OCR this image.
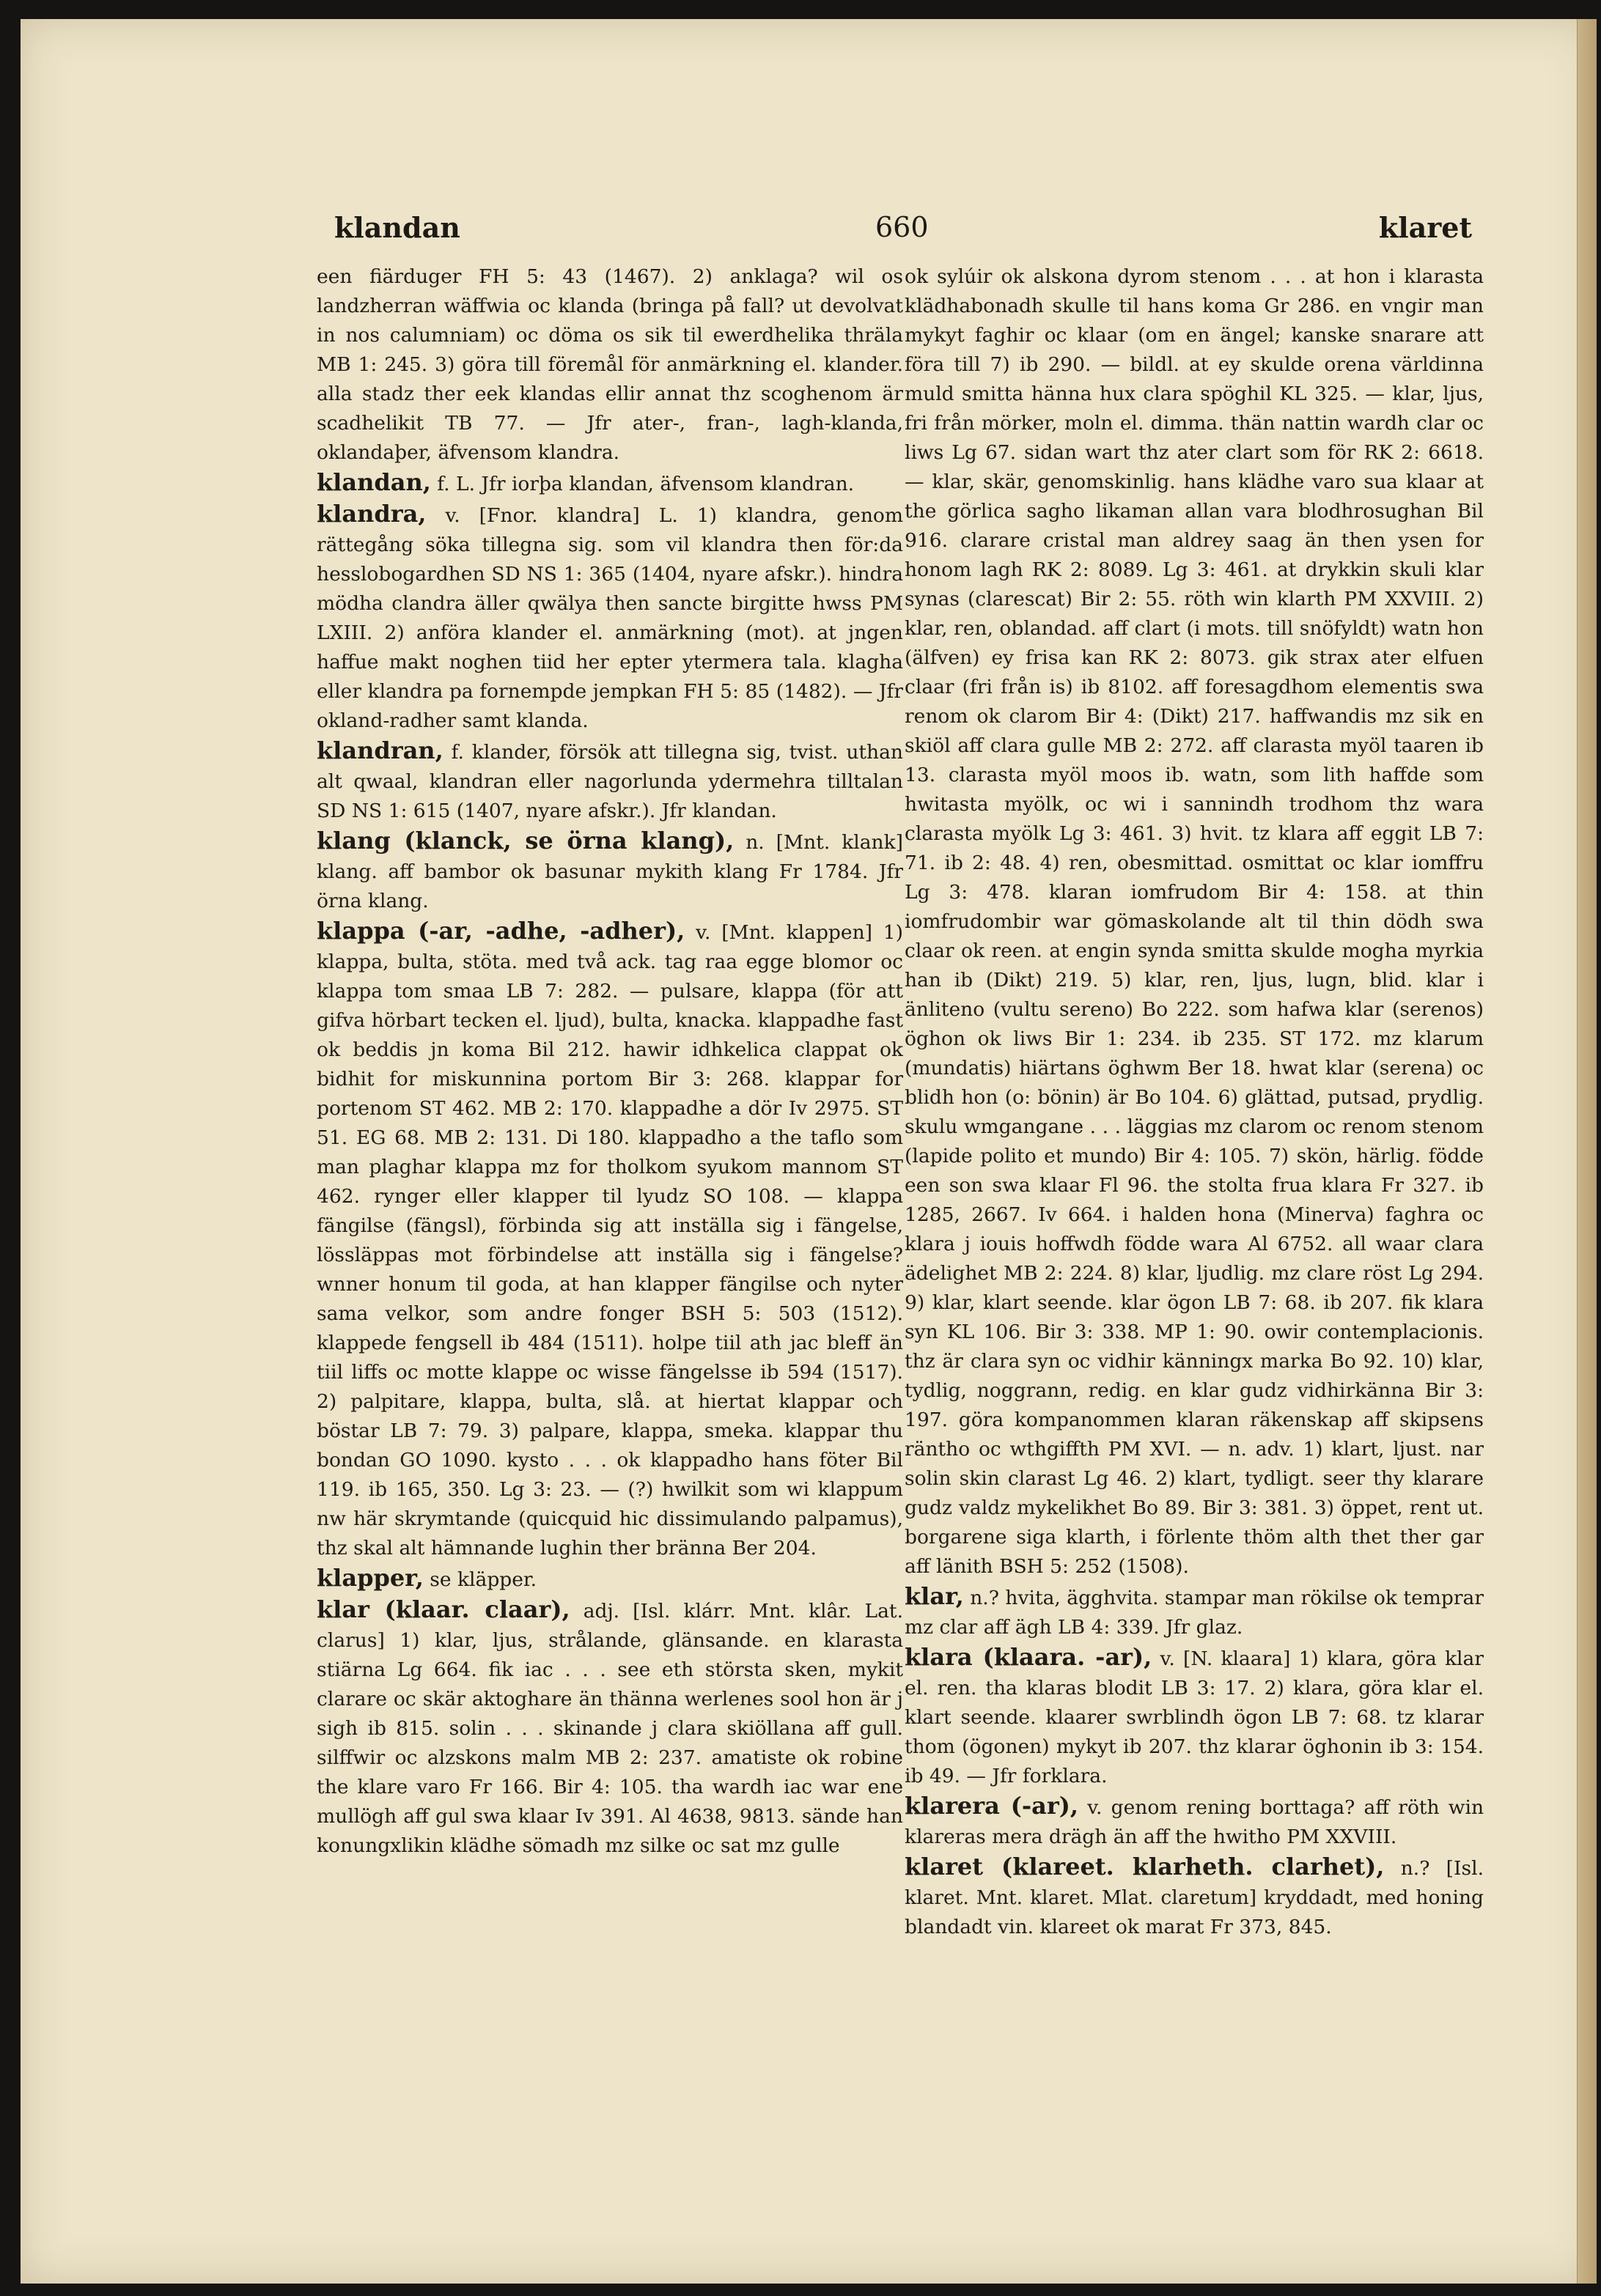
klandan	660	klaret

een fiärduger FH 5: 43 (1467). 2) anklaga? wil os landzherran wäffwia oc klanda (bringa på fall? ut devolvat in nos calumniam) oc döma os sik til ewerdhelika thräla MB 1: 245. 3) göra till föremål för anmärkning el. klander. alla stadz ther eek klandas ellir annat thz scoghenom är scadhelikit TB 77. — Jfr ater-, fran-, lagh-klanda, oklandaþer, äfvensom klandra.

klandan, f. L. Jfr iorþa klandan, äfvensom klandran.

klandra, v. [Fnor. klandra] L. 1) klandra, genom rättegång söka tillegna sig. som vil klandra then för:da hesslobogardhen SD NS 1: 365 (1404, nyare afskr.). hindra mödha clandra äller qwälya then sancte birgitte hwss PM LXIII. 2) anföra klander el. anmärkning (mot). at jngen haffue makt noghen tiid her epter ytermera tala. klagha eller klandra pa fornempde jempkan FH 5: 85 (1482). — Jfr okland-radher samt klanda.

klandran, f. klander, försök att tillegna sig, tvist. uthan alt qwaal, klandran eller nagorlunda ydermehra tilltalan SD NS 1: 615 (1407, nyare afskr.). Jfr klandan.

klang (klanck, se örna klang), n. [Mnt. klank] klang. aff bambor ok basunar mykith klang Fr 1784. Jfr örna klang.

klappa (-ar, -adhe, -adher), v. [Mnt. klappen] 1) klappa, bulta, stöta. med två ack. tag raa egge blomor oc klappa tom smaa LB 7: 282. — pulsare, klappa (för att gifva hörbart tecken el. ljud), bulta, knacka. klappadhe fast ok beddis jn koma Bil 212. hawir idhkelica clappat ok bidhit for miskunnina portom Bir 3: 268. klappar for portenom ST 462. MB 2: 170. klappadhe a dör Iv 2975. ST 51. EG 68. MB 2: 131. Di 180. klappadho a the taflo som man plaghar klappa mz for tholkom syukom mannom ST 462. rynger eller klapper til lyudz SO 108. — klappa fängilse (fängsl), förbinda sig att inställa sig i fängelse, lössläppas mot förbindelse att inställa sig i fängelse? wnner honum til goda, at han klapper fängilse och nyter sama velkor, som andre fonger BSH 5: 503 (1512). klappede fengsell ib 484 (1511). holpe tiil ath jac bleff än tiil liffs oc motte klappe oc wisse fängelsse ib 594 (1517). 2) palpitare, klappa, bulta, slå. at hiertat klappar och böstar LB 7: 79. 3) palpare, klappa, smeka. klappar thu bondan GO 1090. kysto . . . ok klappadho hans föter Bil 119. ib 165, 350. Lg 3: 23. — (?) hwilkit som wi klappum nw här skrymtande (quicquid hic dissimulando palpamus), thz skal alt hämnande lughin ther bränna Ber 204.

klapper, se kläpper.

klar (klaar. claar), adj. [Isl. klárr. Mnt. klâr. Lat. clarus] 1) klar, ljus, strålande, glänsande. en klarasta stiärna Lg 664. fik iac . . . see eth största sken, mykit clarare oc skär aktoghare än thänna werlenes sool hon är j sigh ib 815. solin . . . skinande j clara skiöllana aff gull. silffwir oc alzskons malm MB 2: 237. amatiste ok robine the klare varo Fr 166. Bir 4: 105. tha wardh iac war ene mullögh aff gul swa klaar Iv 391. Al 4638, 9813. sände han konungxlikin klädhe sömadh mz silke oc sat mz gulle

ok sylúir ok alskona dyrom stenom . . . at hon i klarasta klädhabonadh skulle til hans koma Gr 286. en vngir man mykyt faghir oc klaar (om en ängel; kanske snarare att föra till 7) ib 290. — bildl. at ey skulde orena världinna muld smitta hänna hux clara spöghil KL 325. — klar, ljus, fri från mörker, moln el. dimma. thän nattin wardh clar oc liws Lg 67. sidan wart thz ater clart som för RK 2: 6618. — klar, skär, genomskinlig. hans klädhe varo sua klaar at the görlica sagho likaman allan vara blodhrosughan Bil 916. clarare cristal man aldrey saag än then ysen for honom lagh RK 2: 8089. Lg 3: 461. at drykkin skuli klar synas (clarescat) Bir 2: 55. röth win klarth PM XXVIII. 2) klar, ren, oblandad. aff clart (i mots. till snöfyldt) watn hon (älfven) ey frisa kan RK 2: 8073. gik strax ater elfuen claar (fri från is) ib 8102. aff foresagdhom elementis swa renom ok clarom Bir 4: (Dikt) 217. haffwandis mz sik en skiöl aff clara gulle MB 2: 272. aff clarasta myöl taaren ib 13. clarasta myöl moos ib. watn, som lith haffde som hwitasta myölk, oc wi i sannindh trodhom thz wara clarasta myölk Lg 3: 461. 3) hvit. tz klara aff eggit LB 7: 71. ib 2: 48. 4) ren, obesmittad. osmittat oc klar iomffru Lg 3: 478. klaran iomfrudom Bir 4: 158. at thin iomfrudombir war gömaskolande alt til thin dödh swa claar ok reen. at engin synda smitta skulde mogha myrkia han ib (Dikt) 219. 5) klar, ren, ljus, lugn, blid. klar i änliteno (vultu sereno) Bo 222. som hafwa klar (serenos) öghon ok liws Bir 1: 234. ib 235. ST 172. mz klarum (mundatis) hiärtans öghwm Ber 18. hwat klar (serena) oc blidh hon (o: bönin) är Bo 104. 6) glättad, putsad, prydlig. skulu wmgangane . . . läggias mz clarom oc renom stenom (lapide polito et mundo) Bir 4: 105. 7) skön, härlig. födde een son swa klaar Fl 96. the stolta frua klara Fr 327. ib 1285, 2667. Iv 664. i halden hona (Minerva) faghra oc klara j iouis hoffwdh födde wara Al 6752. all waar clara ädelighet MB 2: 224. 8) klar, ljudlig. mz clare röst Lg 294. 9) klar, klart seende. klar ögon LB 7: 68. ib 207. fik klara syn KL 106. Bir 3: 338. MP 1: 90. owir contemplacionis. thz är clara syn oc vidhir känningx marka Bo 92. 10) klar, tydlig, noggrann, redig. en klar gudz vidhirkänna Bir 3: 197. göra kompanommen klaran räkenskap aff skipsens räntho oc wthgiffth PM XVI. — n. adv. 1) klart, ljust. nar solin skin clarast Lg 46. 2) klart, tydligt. seer thy klarare gudz valdz mykelikhet Bo 89. Bir 3: 381. 3) öppet, rent ut. borgarene siga klarth, i förlente thöm alth thet ther gar aff länith BSH 5: 252 (1508).

klar, n.? hvita, ägghvita. stampar man rökilse ok temprar mz clar aff ägh LB 4: 339. Jfr glaz.

klara (klaara. -ar), v. [N. klaara] 1) klara, göra klar el. ren. tha klaras blodit LB 3: 17. 2) klara, göra klar el. klart seende. klaarer swrblindh ögon LB 7: 68. tz klarar thom (ögonen) mykyt ib 207. thz klarar öghonin ib 3: 154. ib 49. — Jfr forklara.

klarera (-ar), v. genom rening borttaga? aff röth win klareras mera drägh än aff the hwitho PM XXVIII.

klaret (klareet. klarheth. clarhet), n.? [Isl. klaret. Mnt. klaret. Mlat. claretum] kryddadt, med honing blandadt vin. klareet ok marat Fr 373, 845.
